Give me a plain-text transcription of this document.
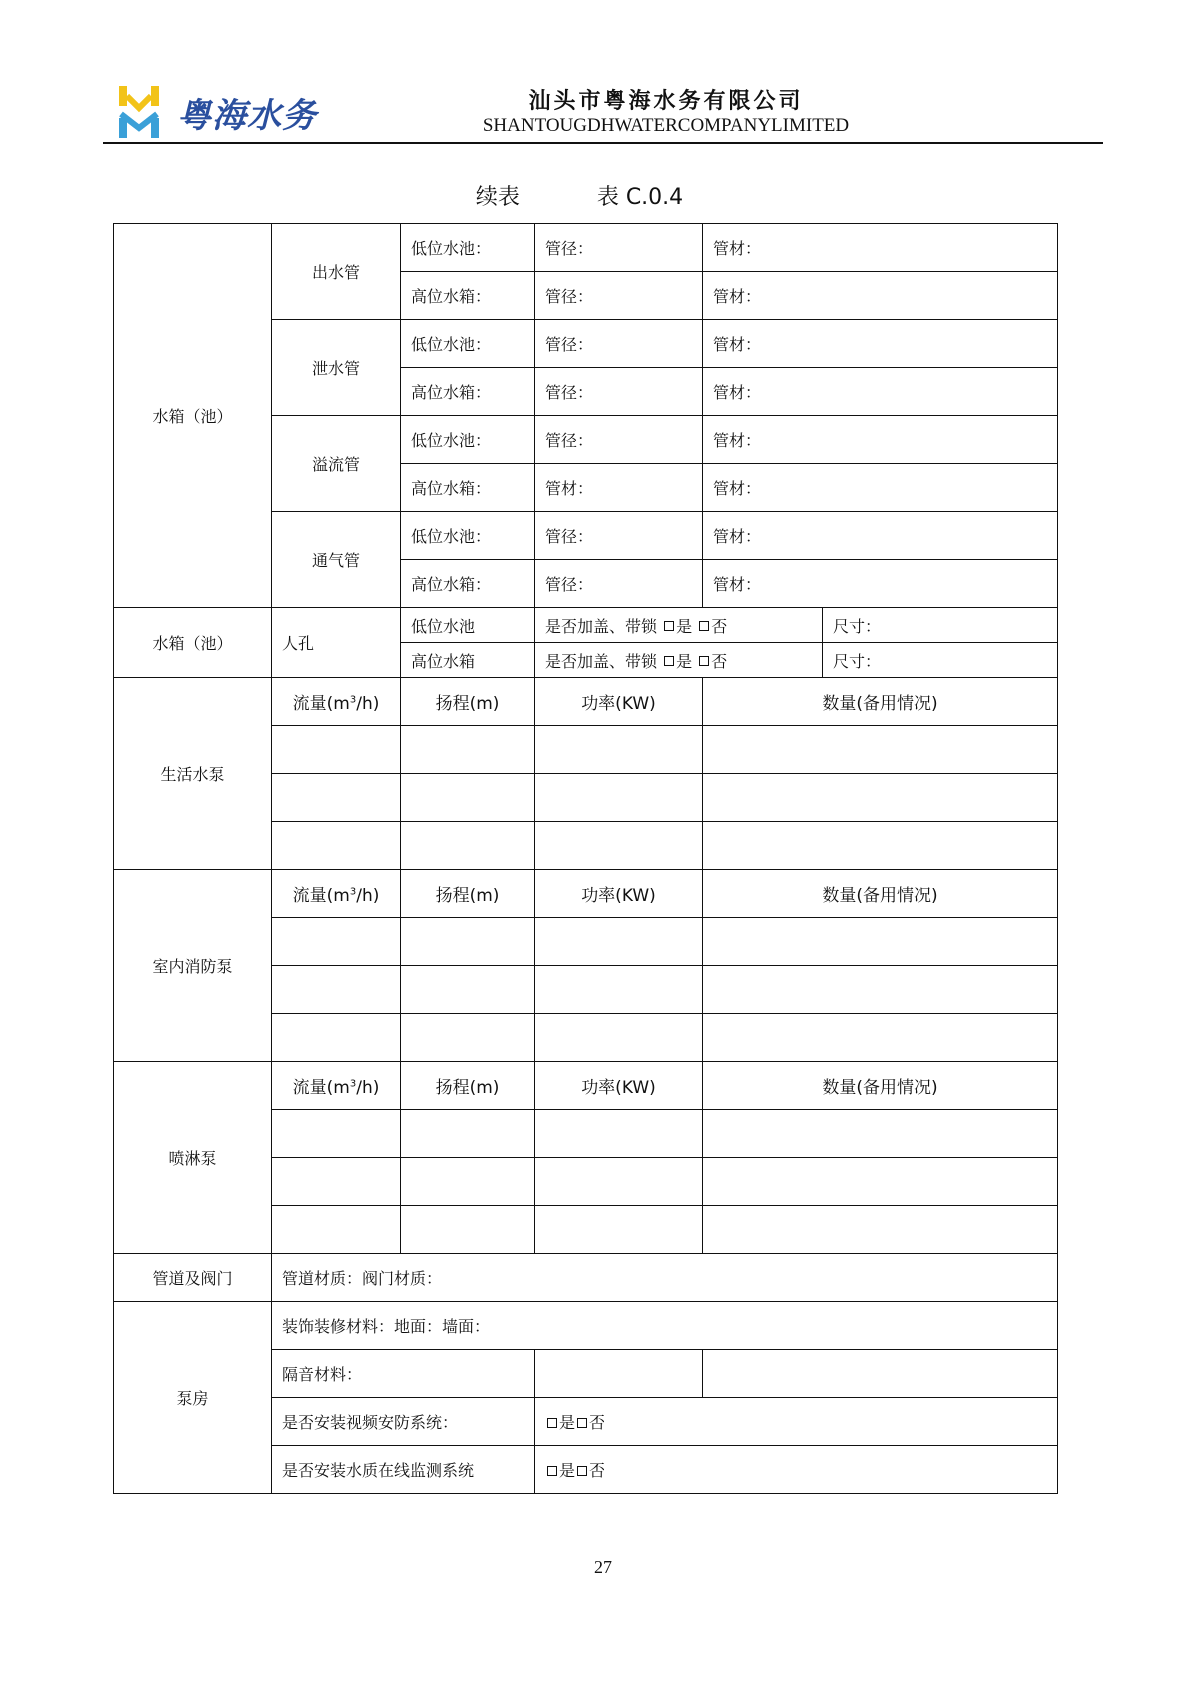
粤海水务	汕头市粤海水务有限公司
SHANTOUGDHWATERCOMPANYLIMITED
续表	表 C.0.4
水箱（池）	出水管	低位水池：	管径：	管材：	
		高位水箱：	管径：	管材：	
	泄水管	低位水池：	管径：	管材：	
		高位水箱：	管径：	管材：	
	溢流管	低位水池：	管径：	管材：	
		高位水箱：	管材：	管材：	
	通气管	低位水池：	管径：	管材：	
		高位水箱：	管径：	管材：	
水箱（池）	人孔	低位水池	是否加盖、带锁 是 否		尺寸：
		高位水箱	是否加盖、带锁 是 否		尺寸：
生活水泵	流量$(m^3/h)$	扬程(m)	功率(KW)	数量(备用情况)	

室内消防泵	流量$(m^3/h)$	扬程(m)	功率(KW)	数量(备用情况)	

喷淋泵	流量$(m^3/h)$	扬程(m)	功率(KW)	数量(备用情况)	

管道及阀门	管道材质：阀门材质：				
泵房	装饰装修材料：地面：墙面：				
	隔音材料：				
	是否安装视频安防系统：		是 否		
	是否安装水质在线监测系统		是 否		
27
